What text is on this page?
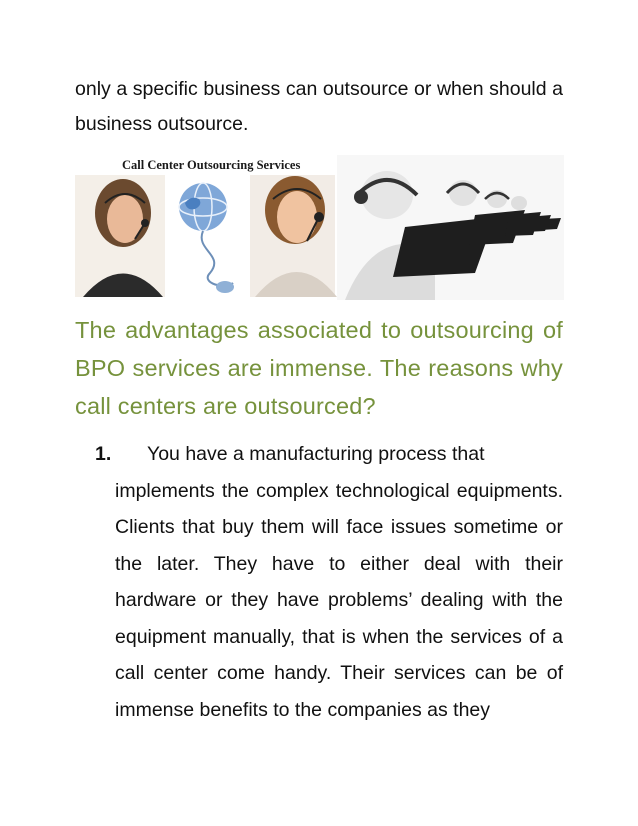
only a specific business can outsource or when should a business outsource.

Call Center Outsourcing Services

The advantages associated to outsourcing of BPO services are immense. The reasons why call centers are outsourced?

1. You have a manufacturing process that
implements the complex technological equipments. Clients that buy them will face issues sometime or the later. They have to either deal with their hardware or they have problems’ dealing with the equipment manually, that is when the services of a call center come handy. Their services can be of immense benefits to the companies as they
